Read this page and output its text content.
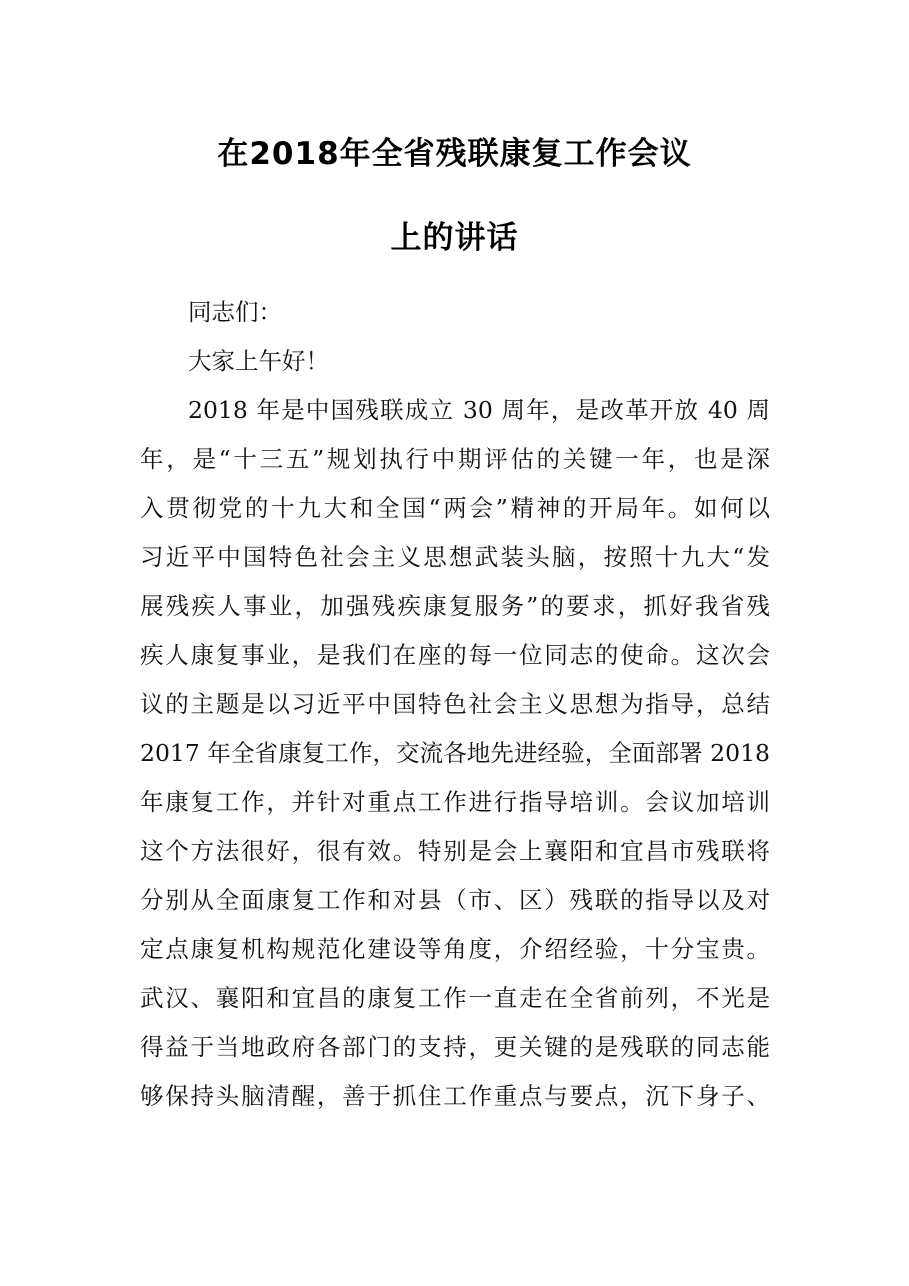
在2018年全省残联康复工作会议
上的讲话
同志们：
大家上午好！
2018 年是中国残联成立 30 周年，是改革开放 40 周
年，是“十三五”规划执行中期评估的关键一年，也是深
入贯彻党的十九大和全国“两会”精神的开局年。如何以
习近平中国特色社会主义思想武装头脑，按照十九大“发
展残疾人事业，加强残疾康复服务”的要求，抓好我省残
疾人康复事业，是我们在座的每一位同志的使命。这次会
议的主题是以习近平中国特色社会主义思想为指导，总结
2017 年全省康复工作，交流各地先进经验，全面部署 2018
年康复工作，并针对重点工作进行指导培训。会议加培训
这个方法很好，很有效。特别是会上襄阳和宜昌市残联将
分别从全面康复工作和对县（市、区）残联的指导以及对
定点康复机构规范化建设等角度，介绍经验，十分宝贵。
武汉、襄阳和宜昌的康复工作一直走在全省前列，不光是
得益于当地政府各部门的支持，更关键的是残联的同志能
够保持头脑清醒，善于抓住工作重点与要点，沉下身子、
